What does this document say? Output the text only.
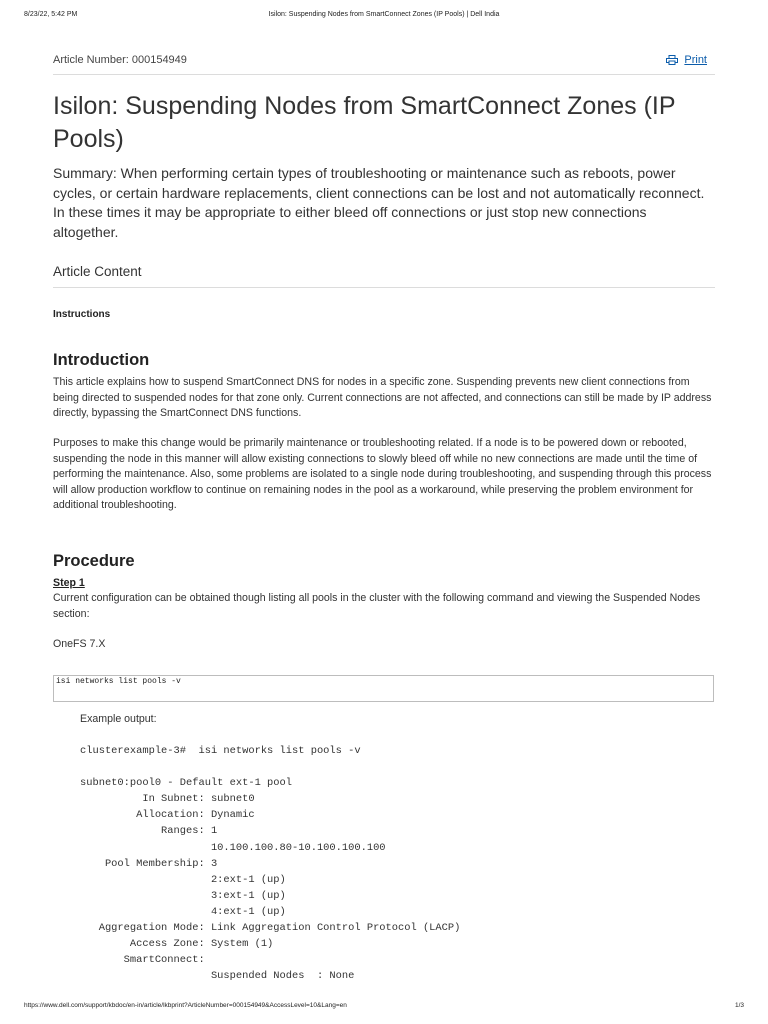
8/23/22, 5:42 PM	Isilon: Suspending Nodes from SmartConnect Zones (IP Pools) | Dell India
Article Number: 000154949	Print
Isilon: Suspending Nodes from SmartConnect Zones (IP Pools)

Summary: When performing certain types of troubleshooting or maintenance such as reboots, power cycles, or certain hardware replacements, client connections can be lost and not automatically reconnect. In these times it may be appropriate to either bleed off connections or just stop new connections altogether.

Article Content
Instructions
Introduction

This article explains how to suspend SmartConnect DNS for nodes in a specific zone. Suspending prevents new client connections from being directed to suspended nodes for that zone only. Current connections are not affected, and connections can still be made by IP address directly, bypassing the SmartConnect DNS functions.

Purposes to make this change would be primarily maintenance or troubleshooting related. If a node is to be powered down or rebooted, suspending the node in this manner will allow existing connections to slowly bleed off while no new connections are made until the time of performing the maintenance. Also, some problems are isolated to a single node during troubleshooting, and suspending through this process will allow production workflow to continue on remaining nodes in the pool as a workaround, while preserving the problem environment for additional troubleshooting.

Procedure
Step 1

Current configuration can be obtained though listing all pools in the cluster with the following command and viewing the Suspended Nodes section:

OneFS 7.X
isi networks list pools -v
Example output:
clusterexample-3#  isi networks list pools -v

subnet0:pool0 - Default ext-1 pool
In Subnet: subnet0
Allocation: Dynamic
Ranges: 1
10.100.100.80-10.100.100.100
Pool Membership: 3
2:ext-1 (up)
3:ext-1 (up)
4:ext-1 (up)
Aggregation Mode: Link Aggregation Control Protocol (LACP)
Access Zone: System (1)
SmartConnect:
Suspended Nodes  : None
https://www.dell.com/support/kbdoc/en-in/article/lkbprint?ArticleNumber=000154949&AccessLevel=10&Lang=en	1/3
